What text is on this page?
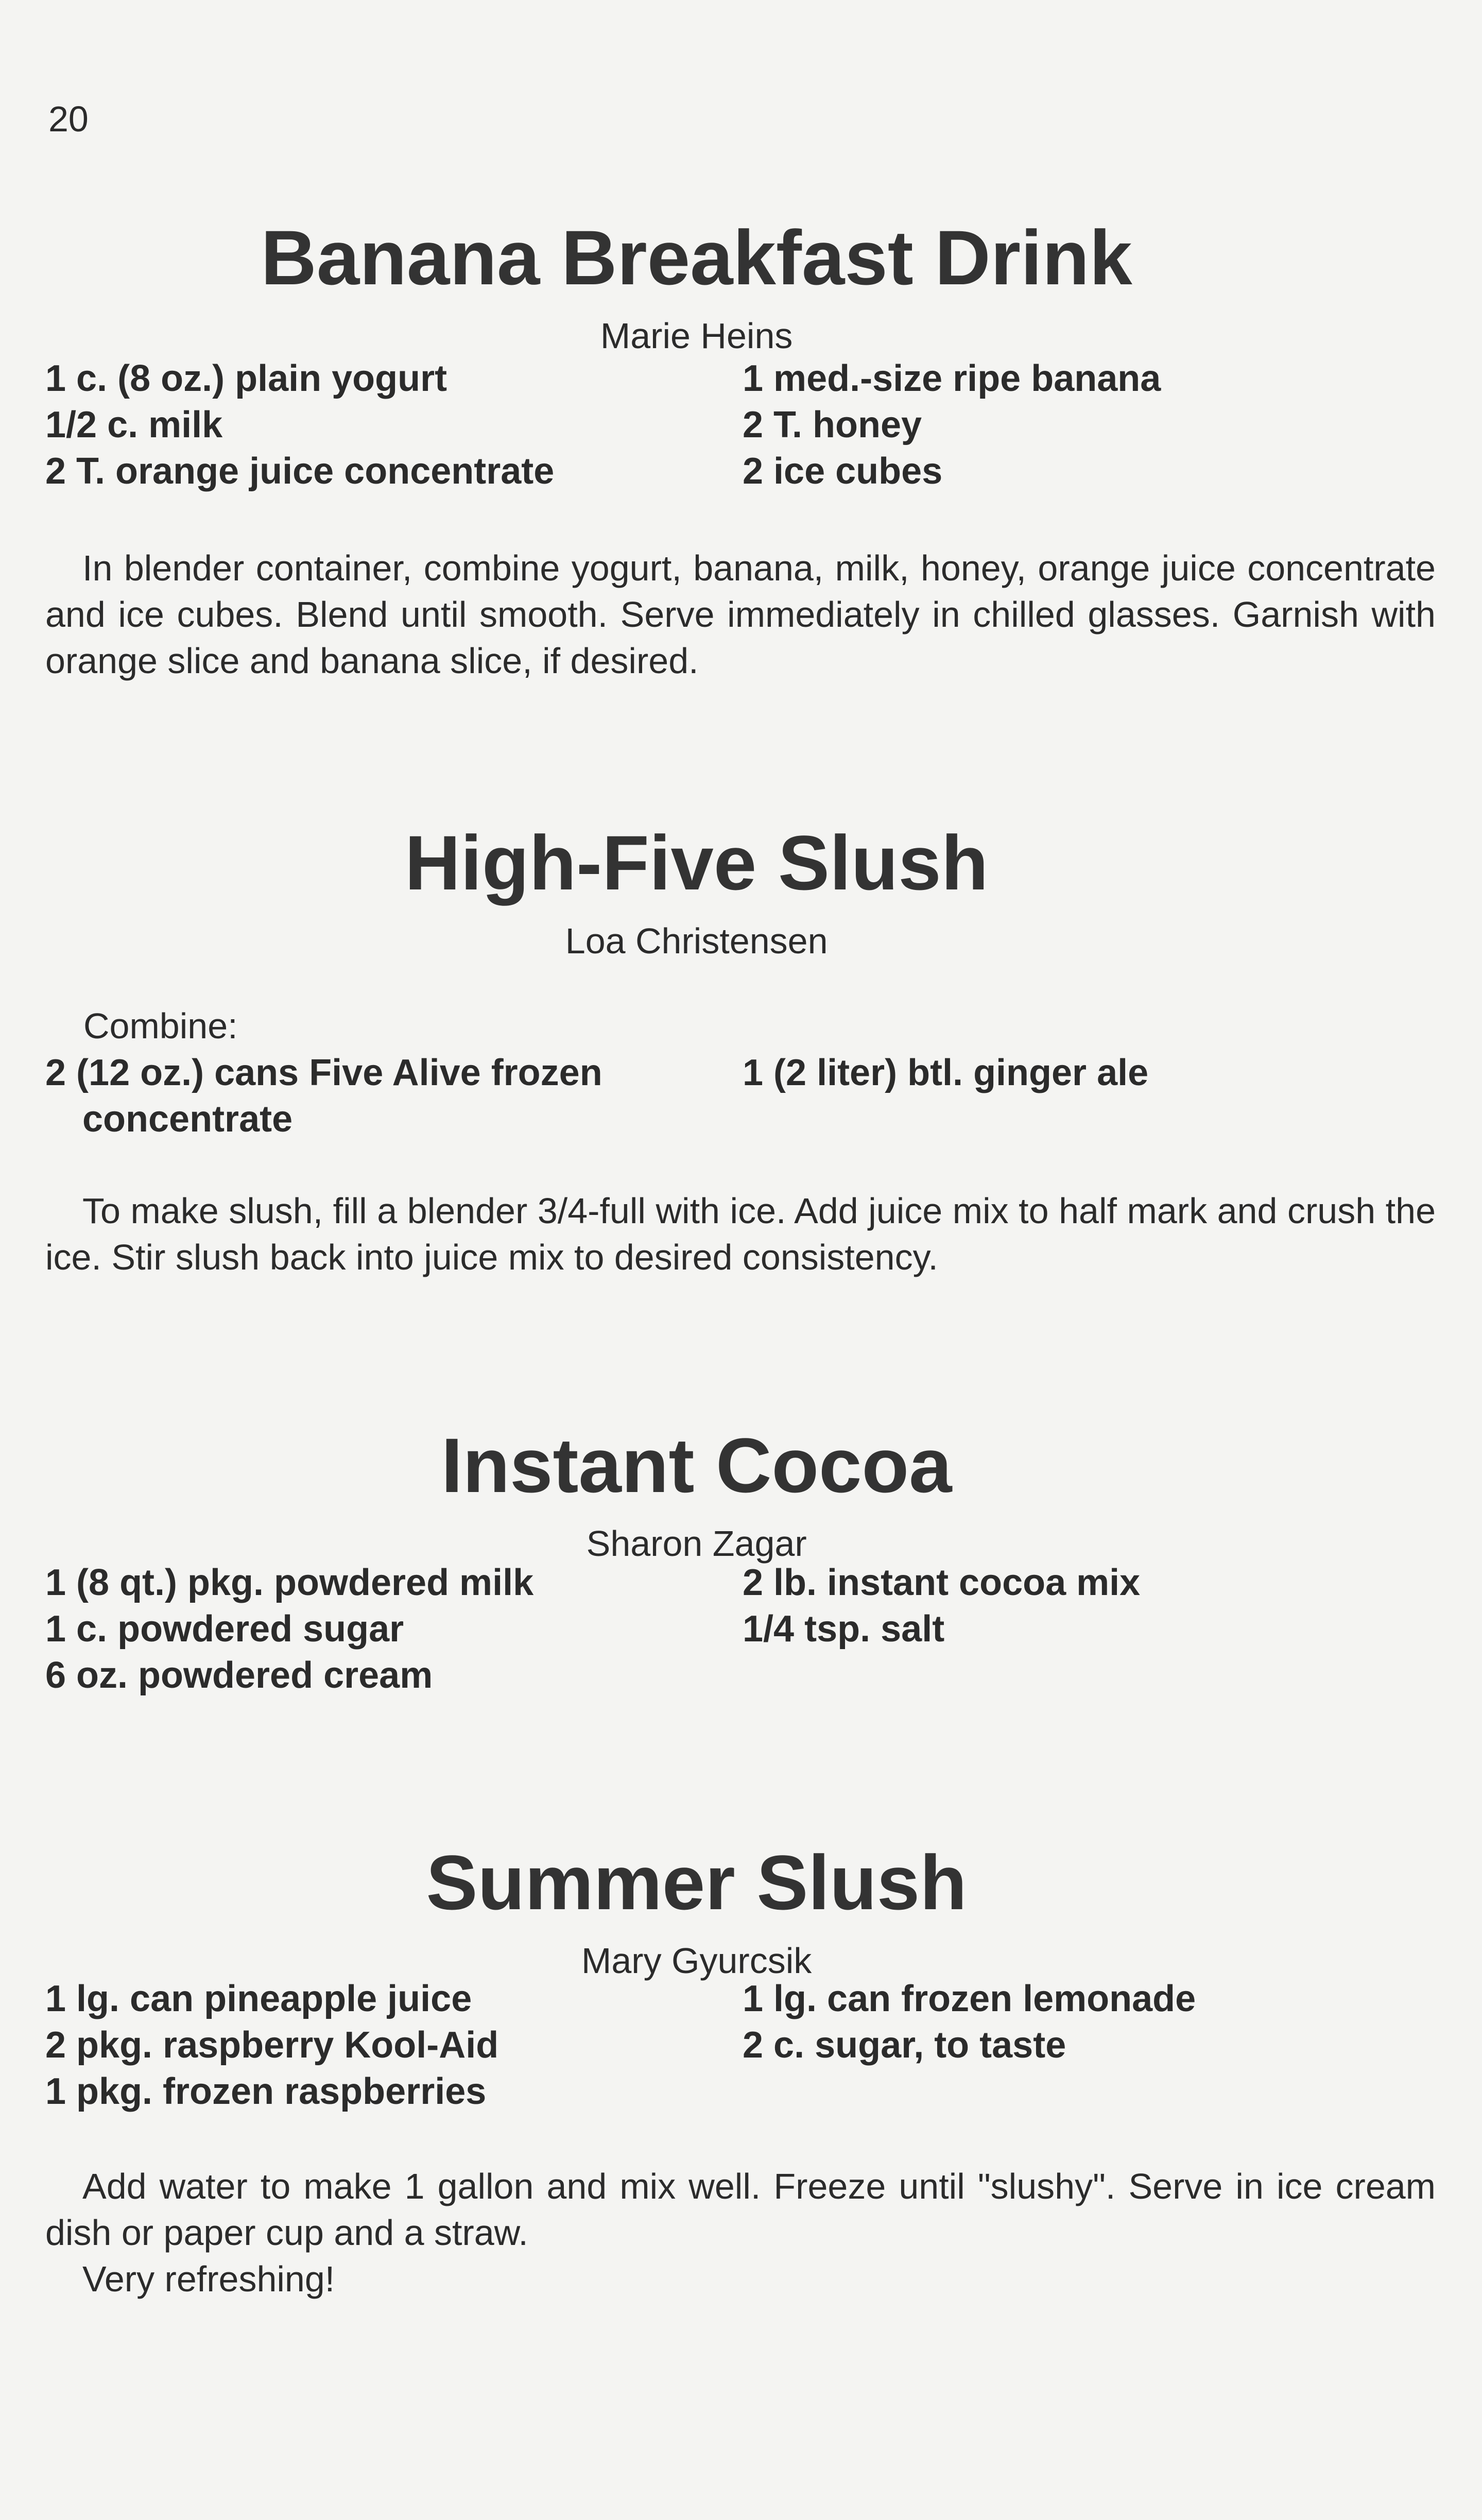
20
Banana Breakfast Drink
Marie Heins
1 c. (8 oz.) plain yogurt
1/2 c. milk
2 T. orange juice concentrate
1 med.-size ripe banana
2 T. honey
2 ice cubes
In blender container, combine yogurt, banana, milk, honey, orange juice concentrate and ice cubes. Blend until smooth. Serve immediately in chilled glasses. Garnish with orange slice and banana slice, if desired.
High-Five Slush
Loa Christensen
Combine:
2 (12 oz.) cans Five Alive frozen
concentrate
1 (2 liter) btl. ginger ale
To make slush, fill a blender 3/4-full with ice. Add juice mix to half mark and crush the ice. Stir slush back into juice mix to desired consistency.
Instant Cocoa
Sharon Zagar
1 (8 qt.) pkg. powdered milk
1 c. powdered sugar
6 oz. powdered cream
2 lb. instant cocoa mix
1/4 tsp. salt
Summer Slush
Mary Gyurcsik
1 lg. can pineapple juice
2 pkg. raspberry Kool-Aid
1 pkg. frozen raspberries
1 lg. can frozen lemonade
2 c. sugar, to taste
Add water to make 1 gallon and mix well. Freeze until "slushy". Serve in ice cream dish or paper cup and a straw.
Very refreshing!
